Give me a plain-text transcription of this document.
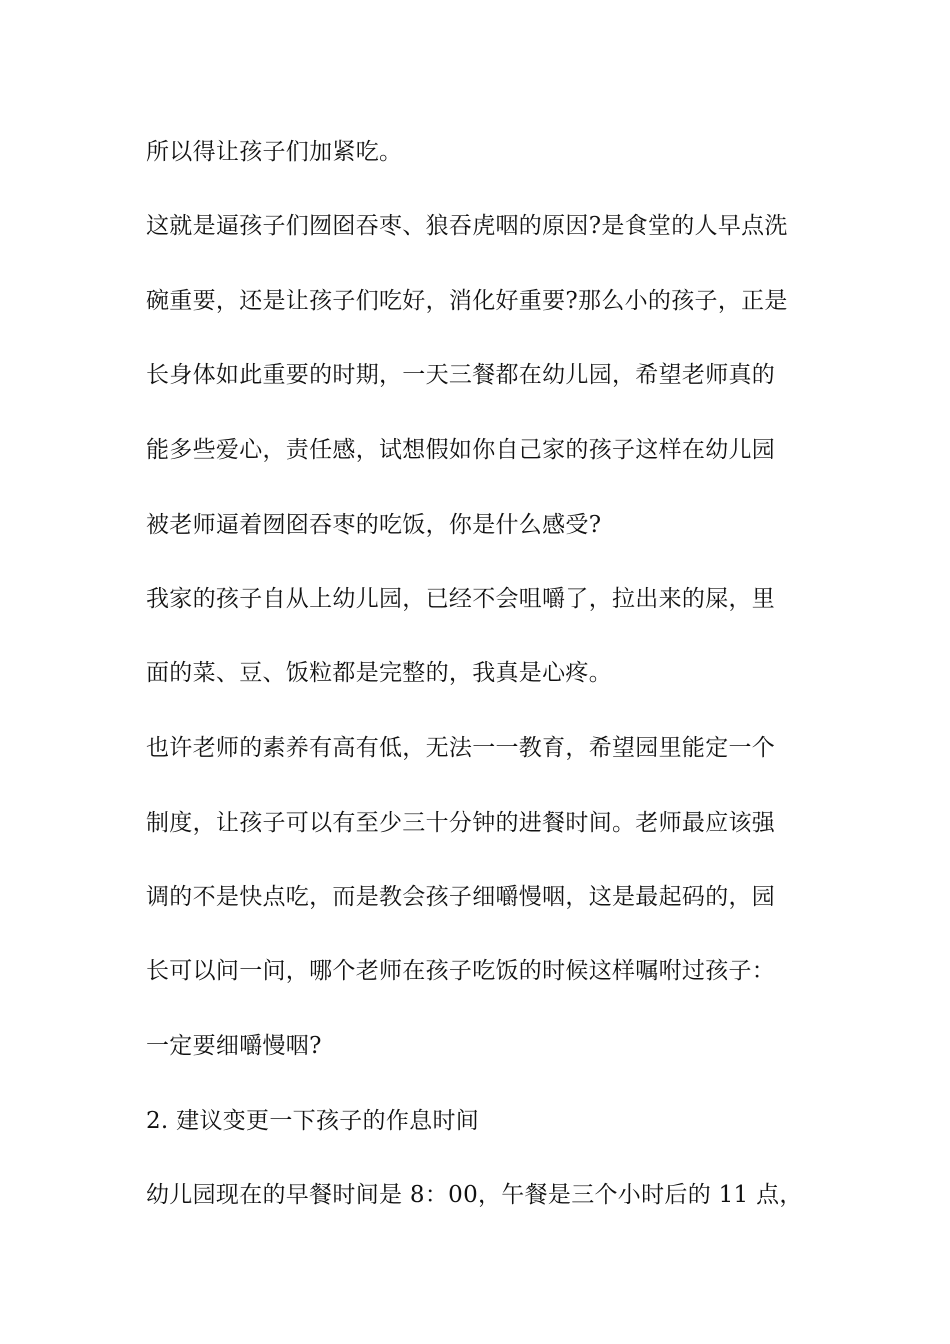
所以得让孩子们加紧吃。
这就是逼孩子们囫囵吞枣、狼吞虎咽的原因?是食堂的人早点洗
碗重要，还是让孩子们吃好，消化好重要?那么小的孩子，正是
长身体如此重要的时期，一天三餐都在幼儿园，希望老师真的
能多些爱心，责任感，试想假如你自己家的孩子这样在幼儿园
被老师逼着囫囵吞枣的吃饭，你是什么感受?
我家的孩子自从上幼儿园，已经不会咀嚼了，拉出来的屎，里
面的菜、豆、饭粒都是完整的，我真是心疼。
也许老师的素养有高有低，无法一一教育，希望园里能定一个
制度，让孩子可以有至少三十分钟的进餐时间。老师最应该强
调的不是快点吃，而是教会孩子细嚼慢咽，这是最起码的，园
长可以问一问，哪个老师在孩子吃饭的时候这样嘱咐过孩子：
一定要细嚼慢咽?
2. 建议变更一下孩子的作息时间
幼儿园现在的早餐时间是 8：00，午餐是三个小时后的 11 点，
